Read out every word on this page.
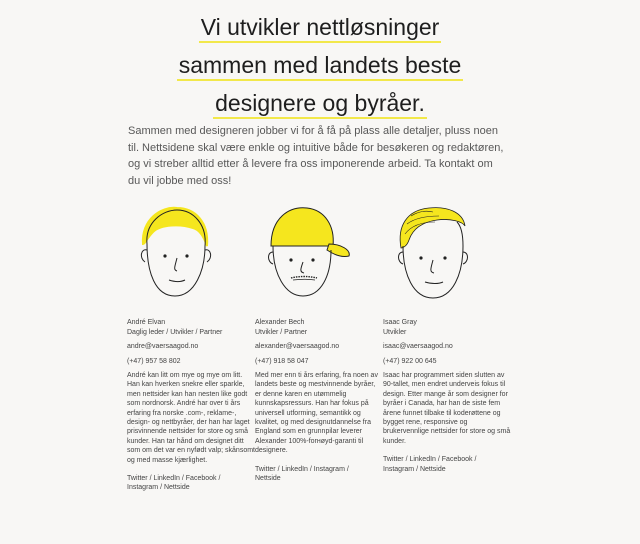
Vi utvikler nettløsninger
sammen med landets beste
designere og byråer.

Sammen med designeren jobber vi for å få på plass alle detaljer, pluss noen til. Nettsidene skal være enkle og intuitive både for besøkeren og redaktøren, og vi streber alltid etter å levere fra oss imponerende arbeid. Ta kontakt om du vil jobbe med oss!

André Elvan
Daglig leder / Utvikler / Partner
andre@vaersaagod.no
(+47) 957 58 802
André kan litt om mye og mye om litt. Han kan hverken snekre eller sparkle, men nettsider kan han nesten like godt som nordnorsk. André har over ti års erfaring fra norske .com-, reklame-, design- og nettbyråer, der han har laget prisvinnende nettsider for store og små kunder. Han tar hånd om designet ditt som om det var en nyfødt valp; skånsomt og med masse kjærlighet.
Twitter / LinkedIn / Facebook /
Instagram / Nettside
Alexander Bech
Utvikler / Partner
alexander@vaersaagod.no
(+47) 918 58 047
Med mer enn ti års erfaring, fra noen av landets beste og mestvinnende byråer, er denne karen en utømmelig kunnskapsressurs. Han har fokus på universell utforming, semantikk og kvalitet, og med designutdannelse fra England som en grunnpilar leverer Alexander 100%-forнøyd-garanti til designere.
Twitter / LinkedIn / Instagram /
Nettside
Isaac Gray
Utvikler
isaac@vaersaagod.no
(+47) 922 00 645
Isaac har programmert siden slutten av 90-tallet, men endret underveis fokus til design. Etter mange år som designer for byråer i Canada, har han de siste fem årene funnet tilbake til koderøttene og bygget rene, responsive og brukervennlige nettsider for store og små kunder.
Twitter / LinkedIn / Facebook /
Instagram / Nettside
